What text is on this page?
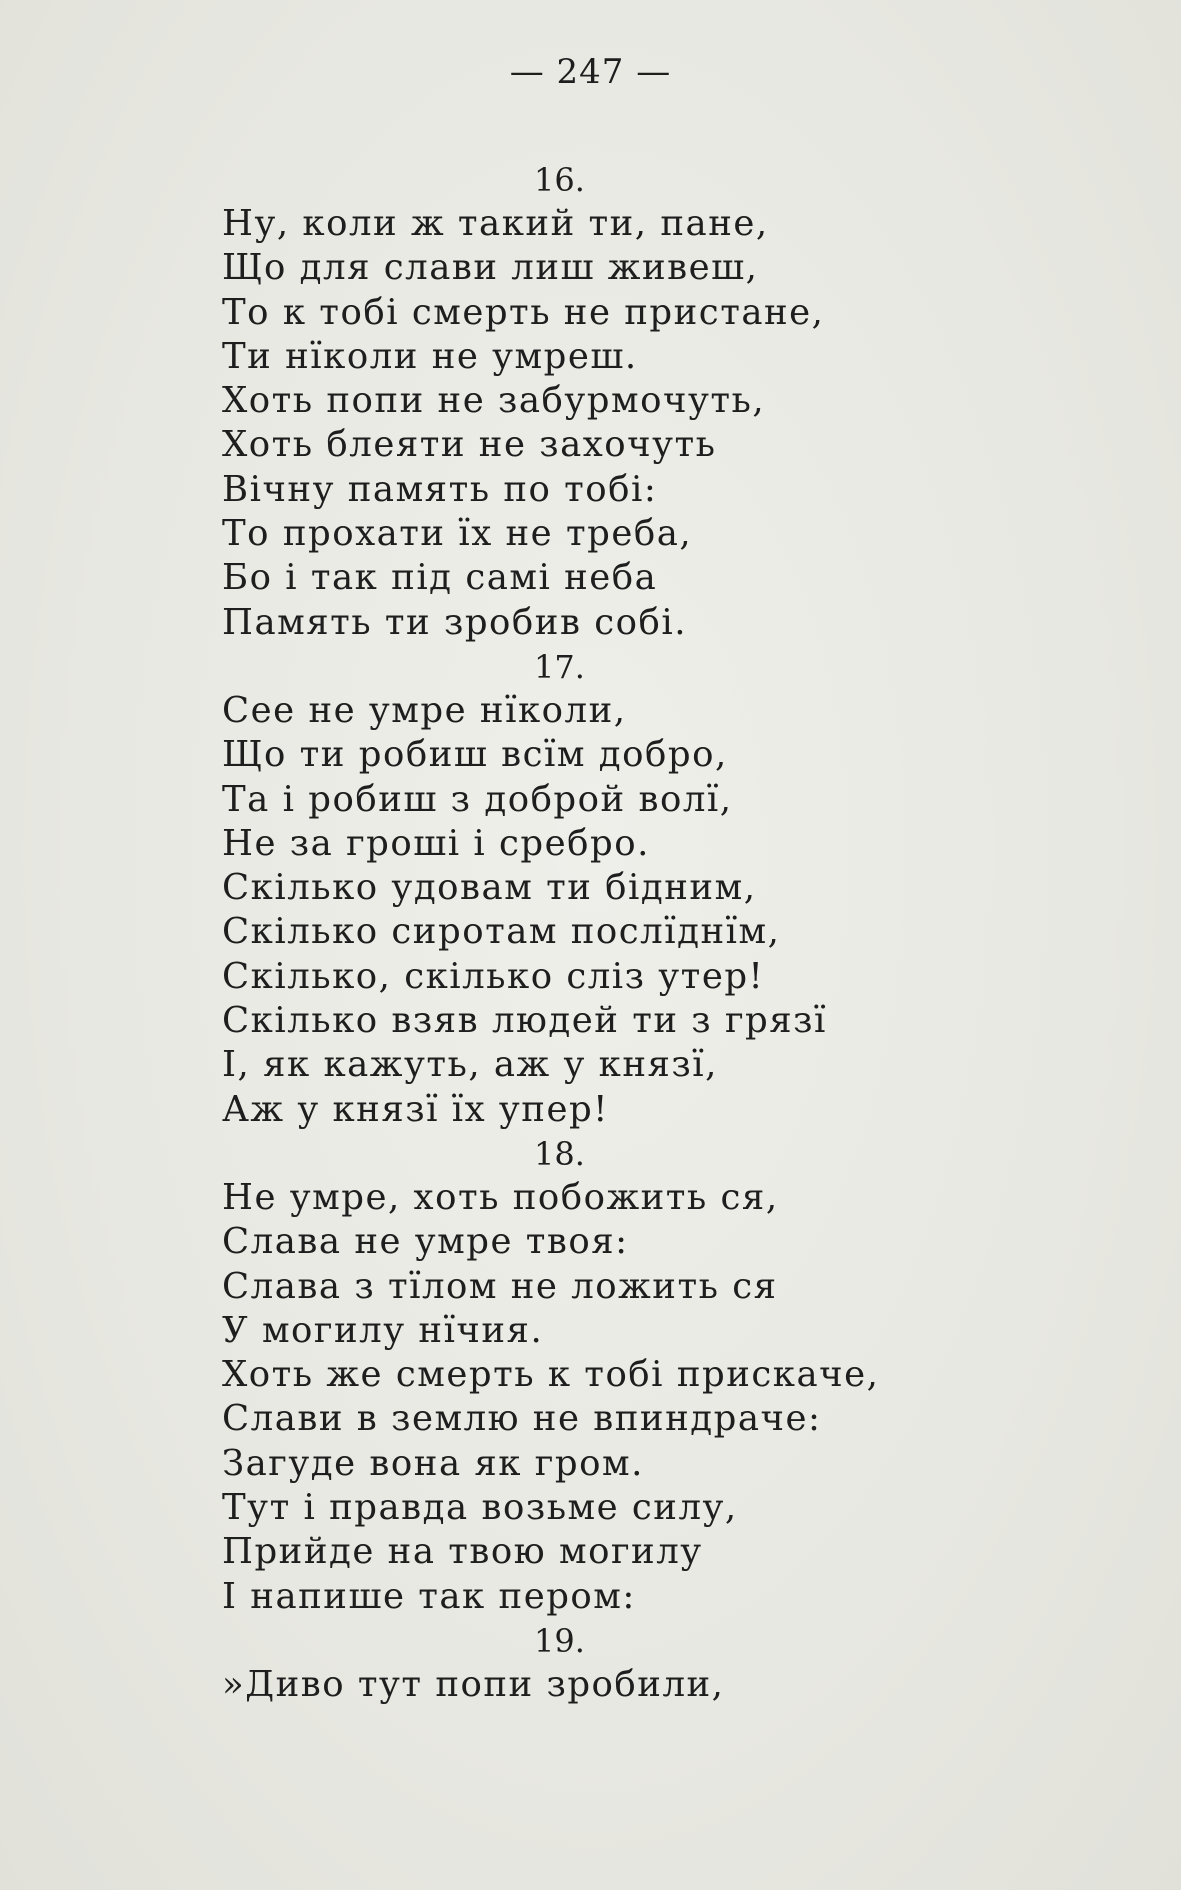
— 247 —
16.
Ну, коли ж такий ти, пане,
Що для слави лиш живеш,
То к тобі смерть не пристане,
Ти нїколи не умреш.
Хоть попи не забурмочуть,
Хоть блеяти не захочуть
Вічну память по тобі:
То прохати їх не треба,
Бо і так під самі неба
Память ти зробив собі.
17.
Сее не умре нїколи,
Що ти робиш всїм добро,
Та і робиш з доброй волї,
Не за гроші і сребро.
Скілько удовам ти бідним,
Скілько сиротам послїднїм,
Скілько, скілько сліз утер!
Скілько взяв людей ти з грязї
І, як кажуть, аж у князї,
Аж у князї їх упер!
18.
Не умре, хоть побожить ся,
Слава не умре твоя:
Слава з тїлом не ложить ся
У могилу нїчия.
Хоть же смерть к тобі прискаче,
Слави в землю не впиндраче:
Загуде вона як гром.
Тут і правда возьме силу,
Прийде на твою могилу
І напише так пером:
19.
»Диво тут попи зробили,
